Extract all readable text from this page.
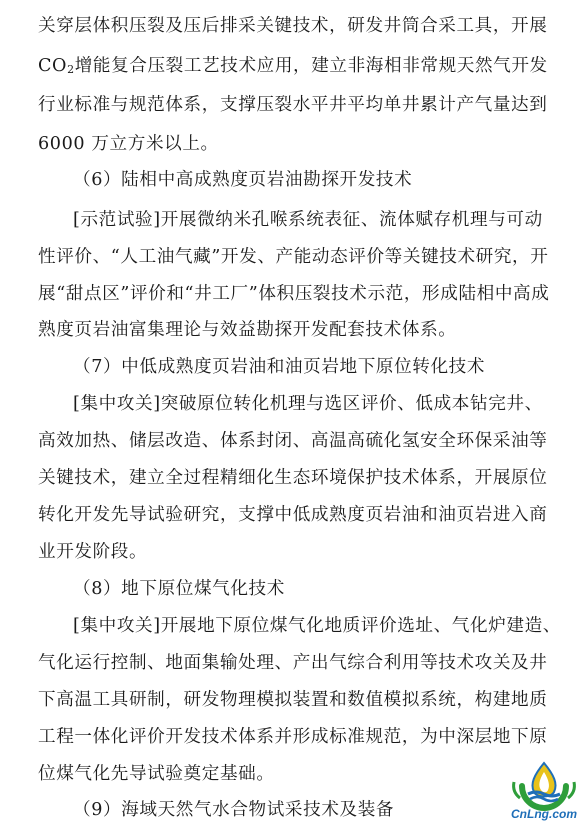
关穿层体积压裂及压后排采关键技术，研发井筒合采工具，开展
CO2增能复合压裂工艺技术应用，建立非海相非常规天然气开发
行业标准与规范体系，支撑压裂水平井平均单井累计产气量达到
6000 万立方米以上。
（6）陆相中高成熟度页岩油勘探开发技术
[示范试验]开展微纳米孔喉系统表征、流体赋存机理与可动
性评价、“人工油气藏”开发、产能动态评价等关键技术研究，开
展“甜点区”评价和“井工厂”体积压裂技术示范，形成陆相中高成
熟度页岩油富集理论与效益勘探开发配套技术体系。
（7）中低成熟度页岩油和油页岩地下原位转化技术
[集中攻关]突破原位转化机理与选区评价、低成本钻完井、
高效加热、储层改造、体系封闭、高温高硫化氢安全环保采油等
关键技术，建立全过程精细化生态环境保护技术体系，开展原位
转化开发先导试验研究，支撑中低成熟度页岩油和油页岩进入商
业开发阶段。
（8）地下原位煤气化技术
[集中攻关]开展地下原位煤气化地质评价选址、气化炉建造、
气化运行控制、地面集输处理、产出气综合利用等技术攻关及井
下高温工具研制，研发物理模拟装置和数值模拟系统，构建地质
工程一体化评价开发技术体系并形成标准规范，为中深层地下原
位煤气化先导试验奠定基础。
（9）海域天然气水合物试采技术及装备	CnLng.com
